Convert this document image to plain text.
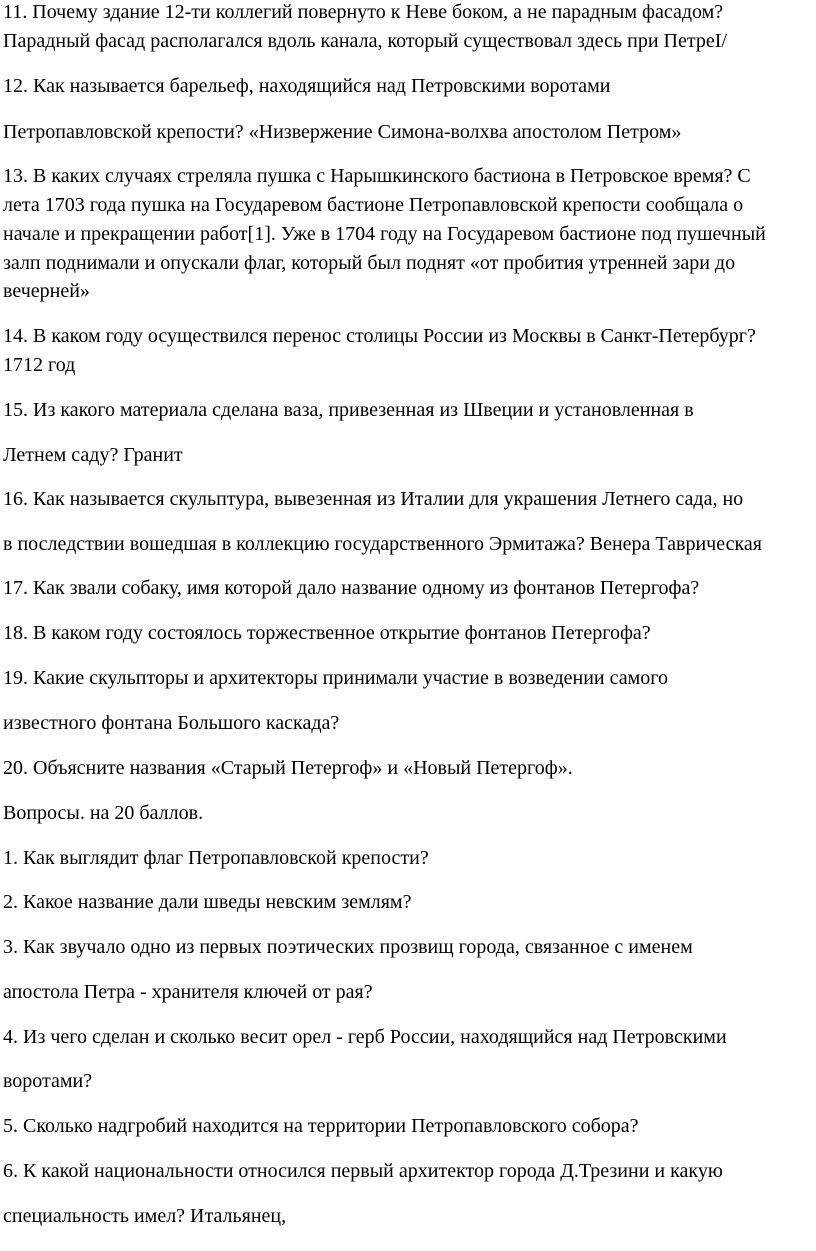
11. Почему здание 12-ти коллегий повернуто к Неве боком, а не парадным фасадом?
Парадный фасад располагался вдоль канала, который существовал здесь при ПетреI/
12. Как называется барельеф, находящийся над Петровскими воротами
Петропавловской крепости? «Низвержение Симона-волхва апостолом Петром»
13. В каких случаях стреляла пушка с Нарышкинского бастиона в Петровское время? С
лета 1703 года пушка на Государевом бастионе Петропавловской крепости сообщала о
начале и прекращении работ[1]. Уже в 1704 году на Государевом бастионе под пушечный
залп поднимали и опускали флаг, который был поднят «от пробития утренней зари до
вечерней»
14. В каком году осуществился перенос столицы России из Москвы в Санкт-Петербург?
1712 год
15. Из какого материала сделана ваза, привезенная из Швеции и установленная в
Летнем саду? Гранит
16. Как называется скульптура, вывезенная из Италии для украшения Летнего сада, но
в последствии вошедшая в коллекцию государственного Эрмитажа? Венера Таврическая
17. Как звали собаку, имя которой дало название одному из фонтанов Петергофа?
18. В каком году состоялось торжественное открытие фонтанов Петергофа?
19. Какие скульпторы и архитекторы принимали участие в возведении самого
известного фонтана Большого каскада?
20. Объясните названия «Старый Петергоф» и «Новый Петергоф».
Вопросы. на 20 баллов.
1. Как выглядит флаг Петропавловской крепости?
2. Какое название дали шведы невским землям?
3. Как звучало одно из первых поэтических прозвищ города, связанное с именем
апостола Петра - хранителя ключей от рая?
4. Из чего сделан и сколько весит орел - герб России, находящийся над Петровскими
воротами?
5. Сколько надгробий находится на территории Петропавловского собора?
6. К какой национальности относился первый архитектор города Д.Трезини и какую
специальность имел? Итальянец,
